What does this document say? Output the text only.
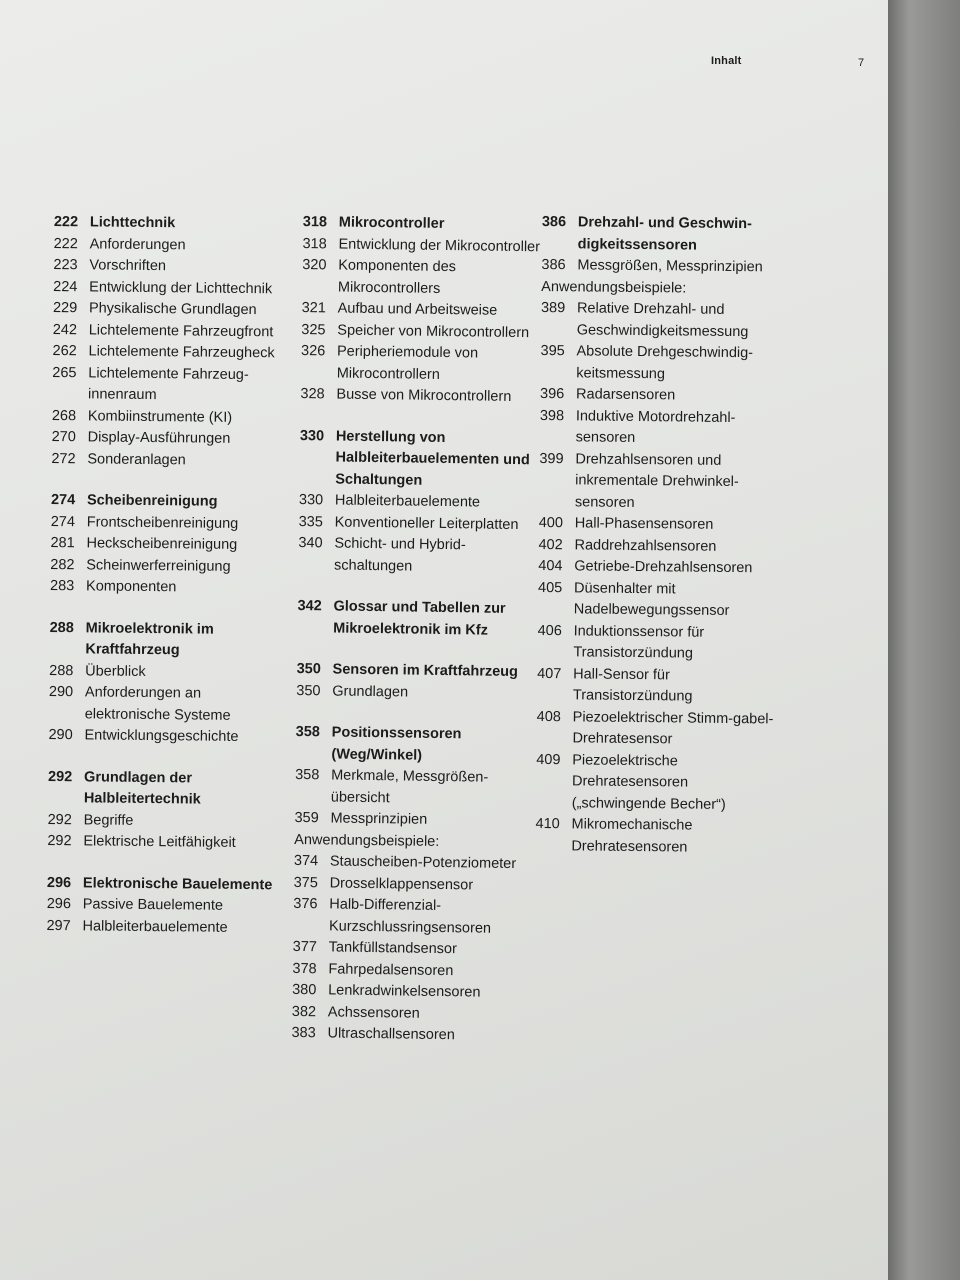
Inhalt	7
222 Lichttechnik
222 Anforderungen
223 Vorschriften
224 Entwicklung der Lichttechnik
229 Physikalische Grundlagen
242 Lichtelemente Fahrzeugfront
262 Lichtelemente Fahrzeugheck
265 Lichtelemente Fahrzeug-innenraum
268 Kombiinstrumente (KI)
270 Display-Ausführungen
272 Sonderanlagen
274 Scheibenreinigung
274 Frontscheibenreinigung
281 Heckscheibenreinigung
282 Scheinwerferreinigung
283 Komponenten
288 Mikroelektronik im Kraftfahrzeug
288 Überblick
290 Anforderungen an elektronische Systeme
290 Entwicklungsgeschichte
292 Grundlagen der Halbleitertechnik
292 Begriffe
292 Elektrische Leitfähigkeit
296 Elektronische Bauelemente
296 Passive Bauelemente
297 Halbleiterbauelemente
318 Mikrocontroller
318 Entwicklung der Mikrocontroller
320 Komponenten des Mikrocontrollers
321 Aufbau und Arbeitsweise
325 Speicher von Mikrocontrollern
326 Peripheriemodule von Mikrocontrollern
328 Busse von Mikrocontrollern
330 Herstellung von Halbleiterbauelementen und Schaltungen
330 Halbleiterbauelemente
335 Konventioneller Leiterplatten
340 Schicht- und Hybrid-schaltungen
342 Glossar und Tabellen zur Mikroelektronik im Kfz
350 Sensoren im Kraftfahrzeug
350 Grundlagen
358 Positionssensoren (Weg/Winkel)
358 Merkmale, Messgrößen-übersicht
359 Messprinzipien
Anwendungsbeispiele:
374 Stauscheiben-Potenziometer
375 Drosselklappensensor
376 Halb-Differenzial-Kurzschlussringsensoren
377 Tankfüllstandsensor
378 Fahrpedalsensoren
380 Lenkradwinkelsensoren
382 Achssensoren
383 Ultraschallsensoren
386 Drehzahl- und Geschwin-digkeitssensoren
386 Messgrößen, Messprinzipien
Anwendungsbeispiele:
389 Relative Drehzahl- und Geschwindigkeitsmessung
395 Absolute Drehgeschwindig-keitsmessung
396 Radarsensoren
398 Induktive Motordrehzahl-sensoren
399 Drehzahlsensoren und inkrementale Drehwinkel-sensoren
400 Hall-Phasensensoren
402 Raddrehzahlsensoren
404 Getriebe-Drehzahlsensoren
405 Düsenhalter mit Nadelbewegungssensor
406 Induktionssensor für Transistorzündung
407 Hall-Sensor für Transistorzündung
408 Piezoelektrischer Stimm-gabel-Drehratesensor
409 Piezoelektrische Drehratesensoren („schwingende Becher“)
410 Mikromechanische Drehratesensoren
